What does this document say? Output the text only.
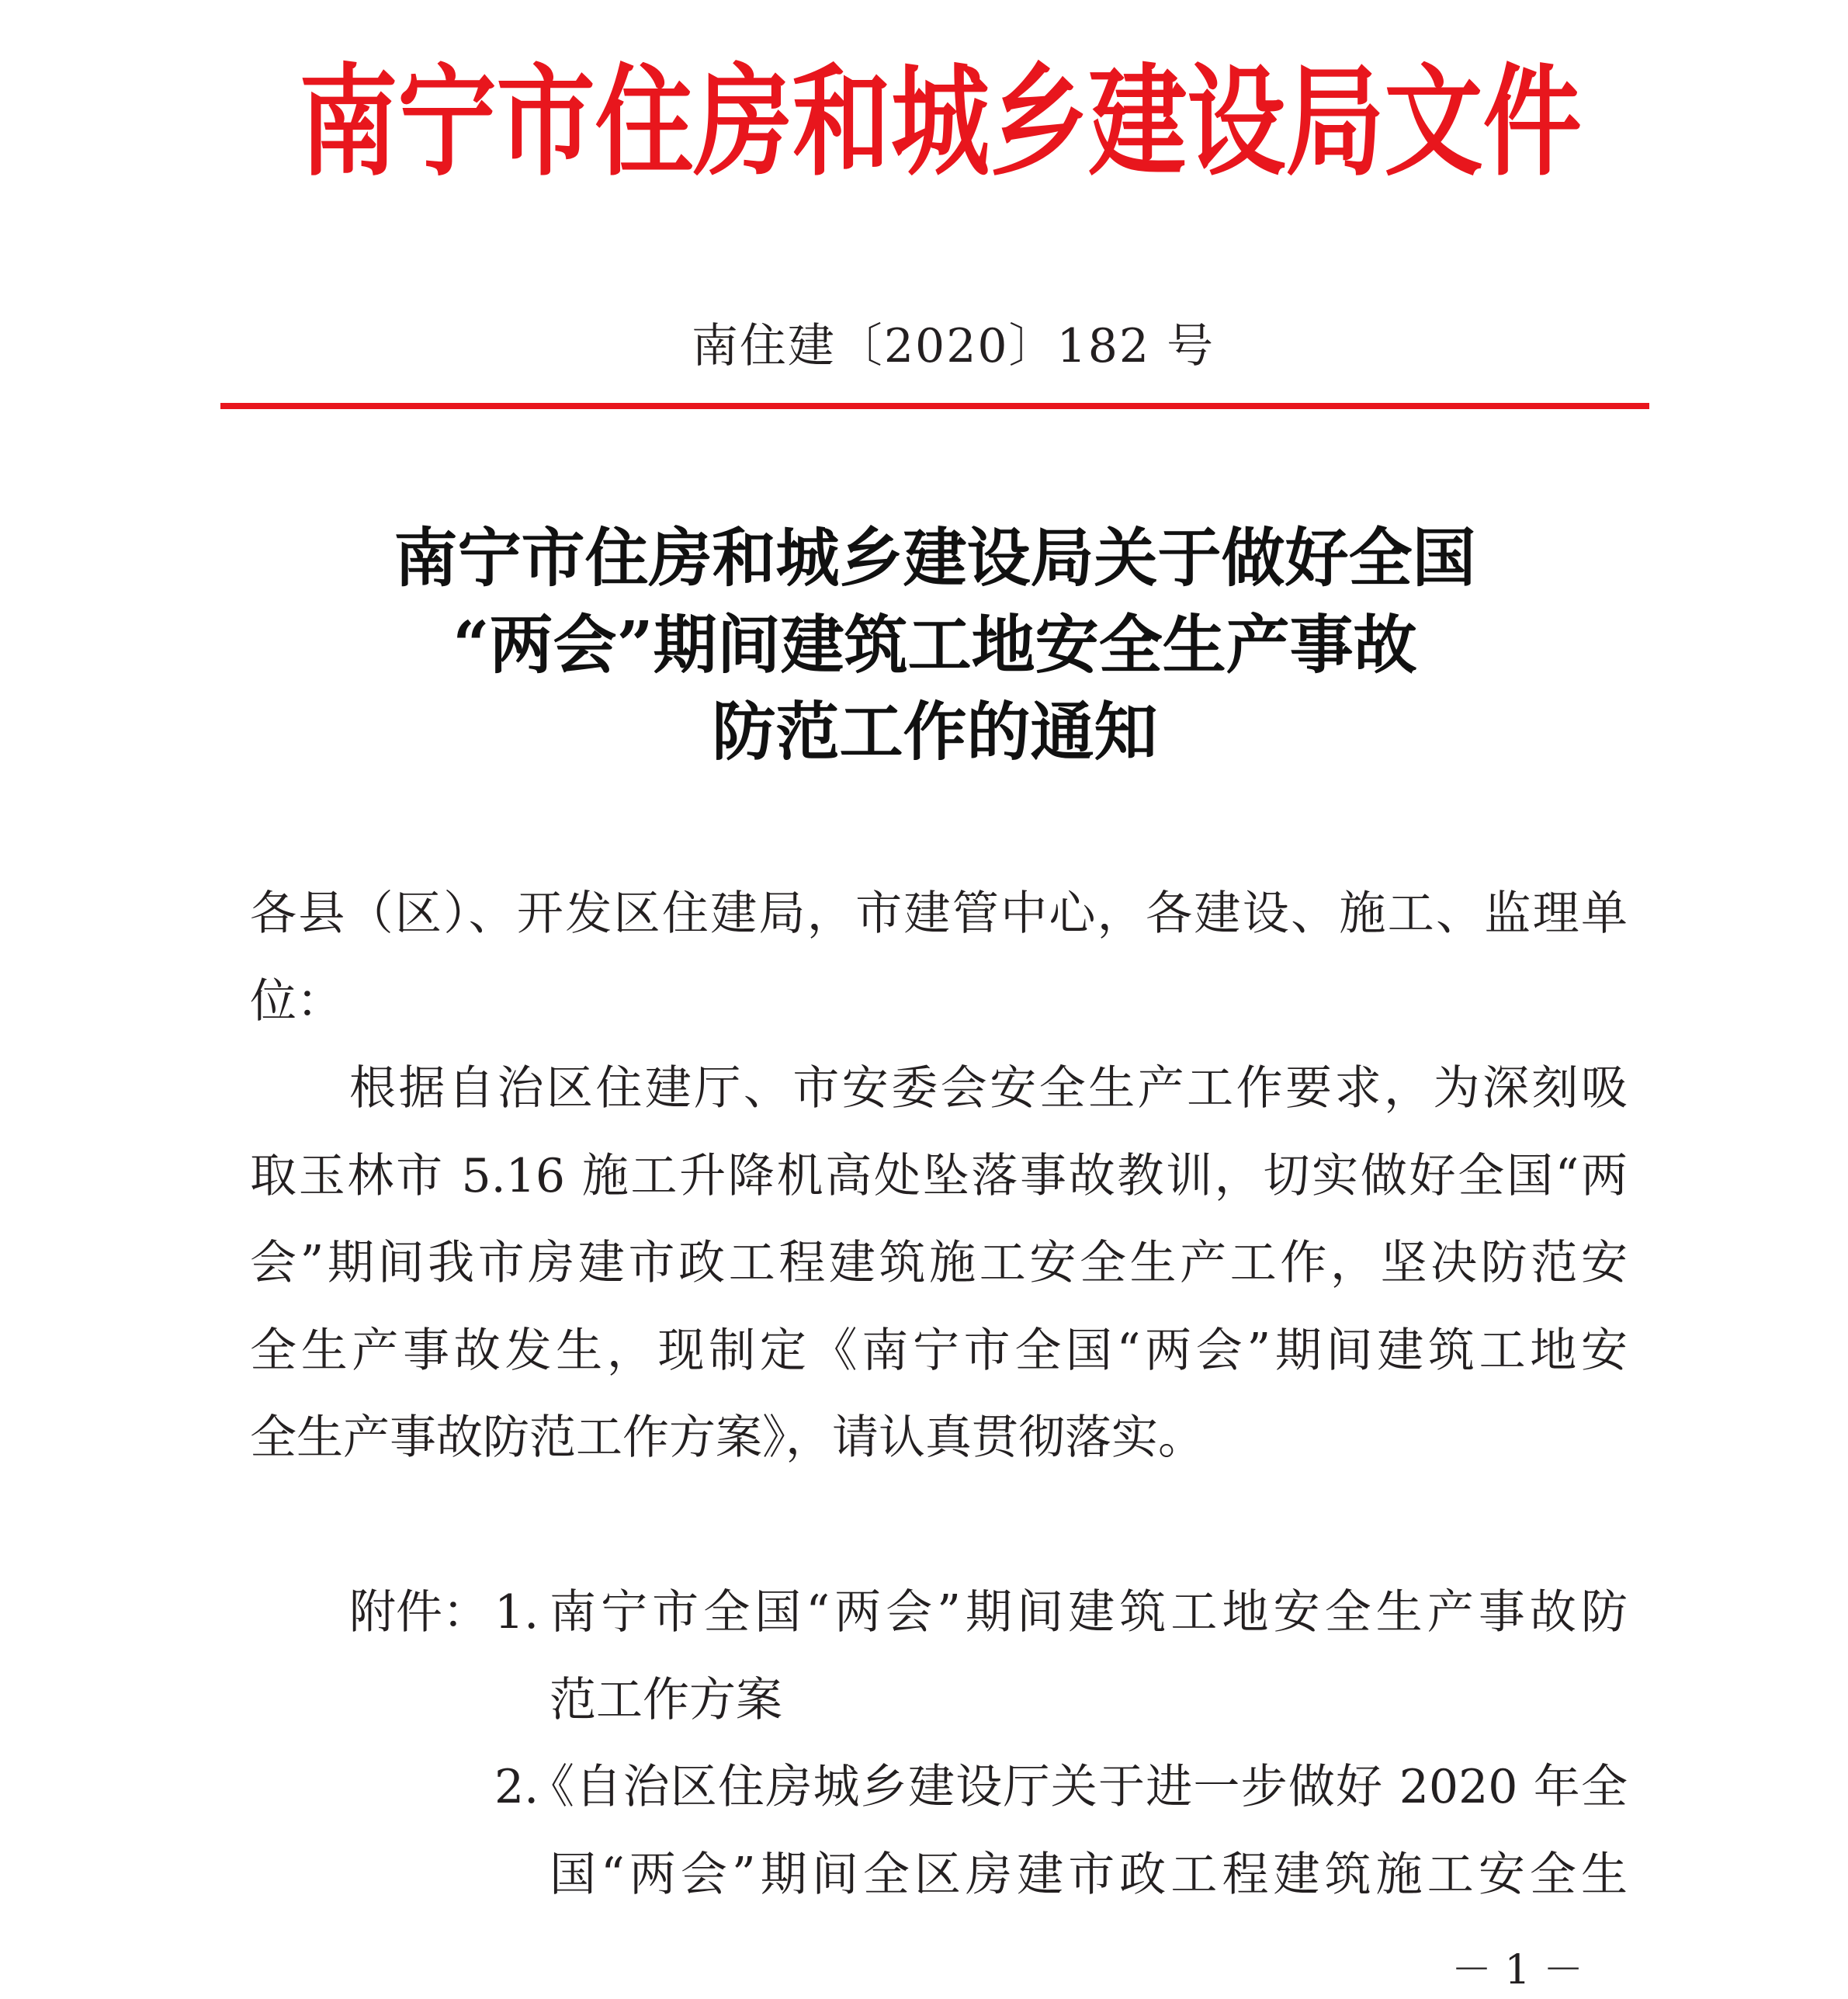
南宁市住房和城乡建设局文件
南住建〔2020〕182 号
南宁市住房和城乡建设局关于做好全国
“两会”期间建筑工地安全生产事故
防范工作的通知
各县（区）、开发区住建局，市建管中心，各建设、施工、监理单
位：
根据自治区住建厅、市安委会安全生产工作要求，为深刻吸
取玉林市 5.16 施工升降机高处坠落事故教训，切实做好全国“两
会”期间我市房建市政工程建筑施工安全生产工作，坚决防范安
全生产事故发生，现制定《南宁市全国“两会”期间建筑工地安
全生产事故防范工作方案》，请认真贯彻落实。
附件： 1. 南宁市全国“两会”期间建筑工地安全生产事故防
范工作方案
2.
《自治区住房城乡建设厅关于进一步做好 2020 年全
国“两会”期间全区房建市政工程建筑施工安全生
－ 1 －
